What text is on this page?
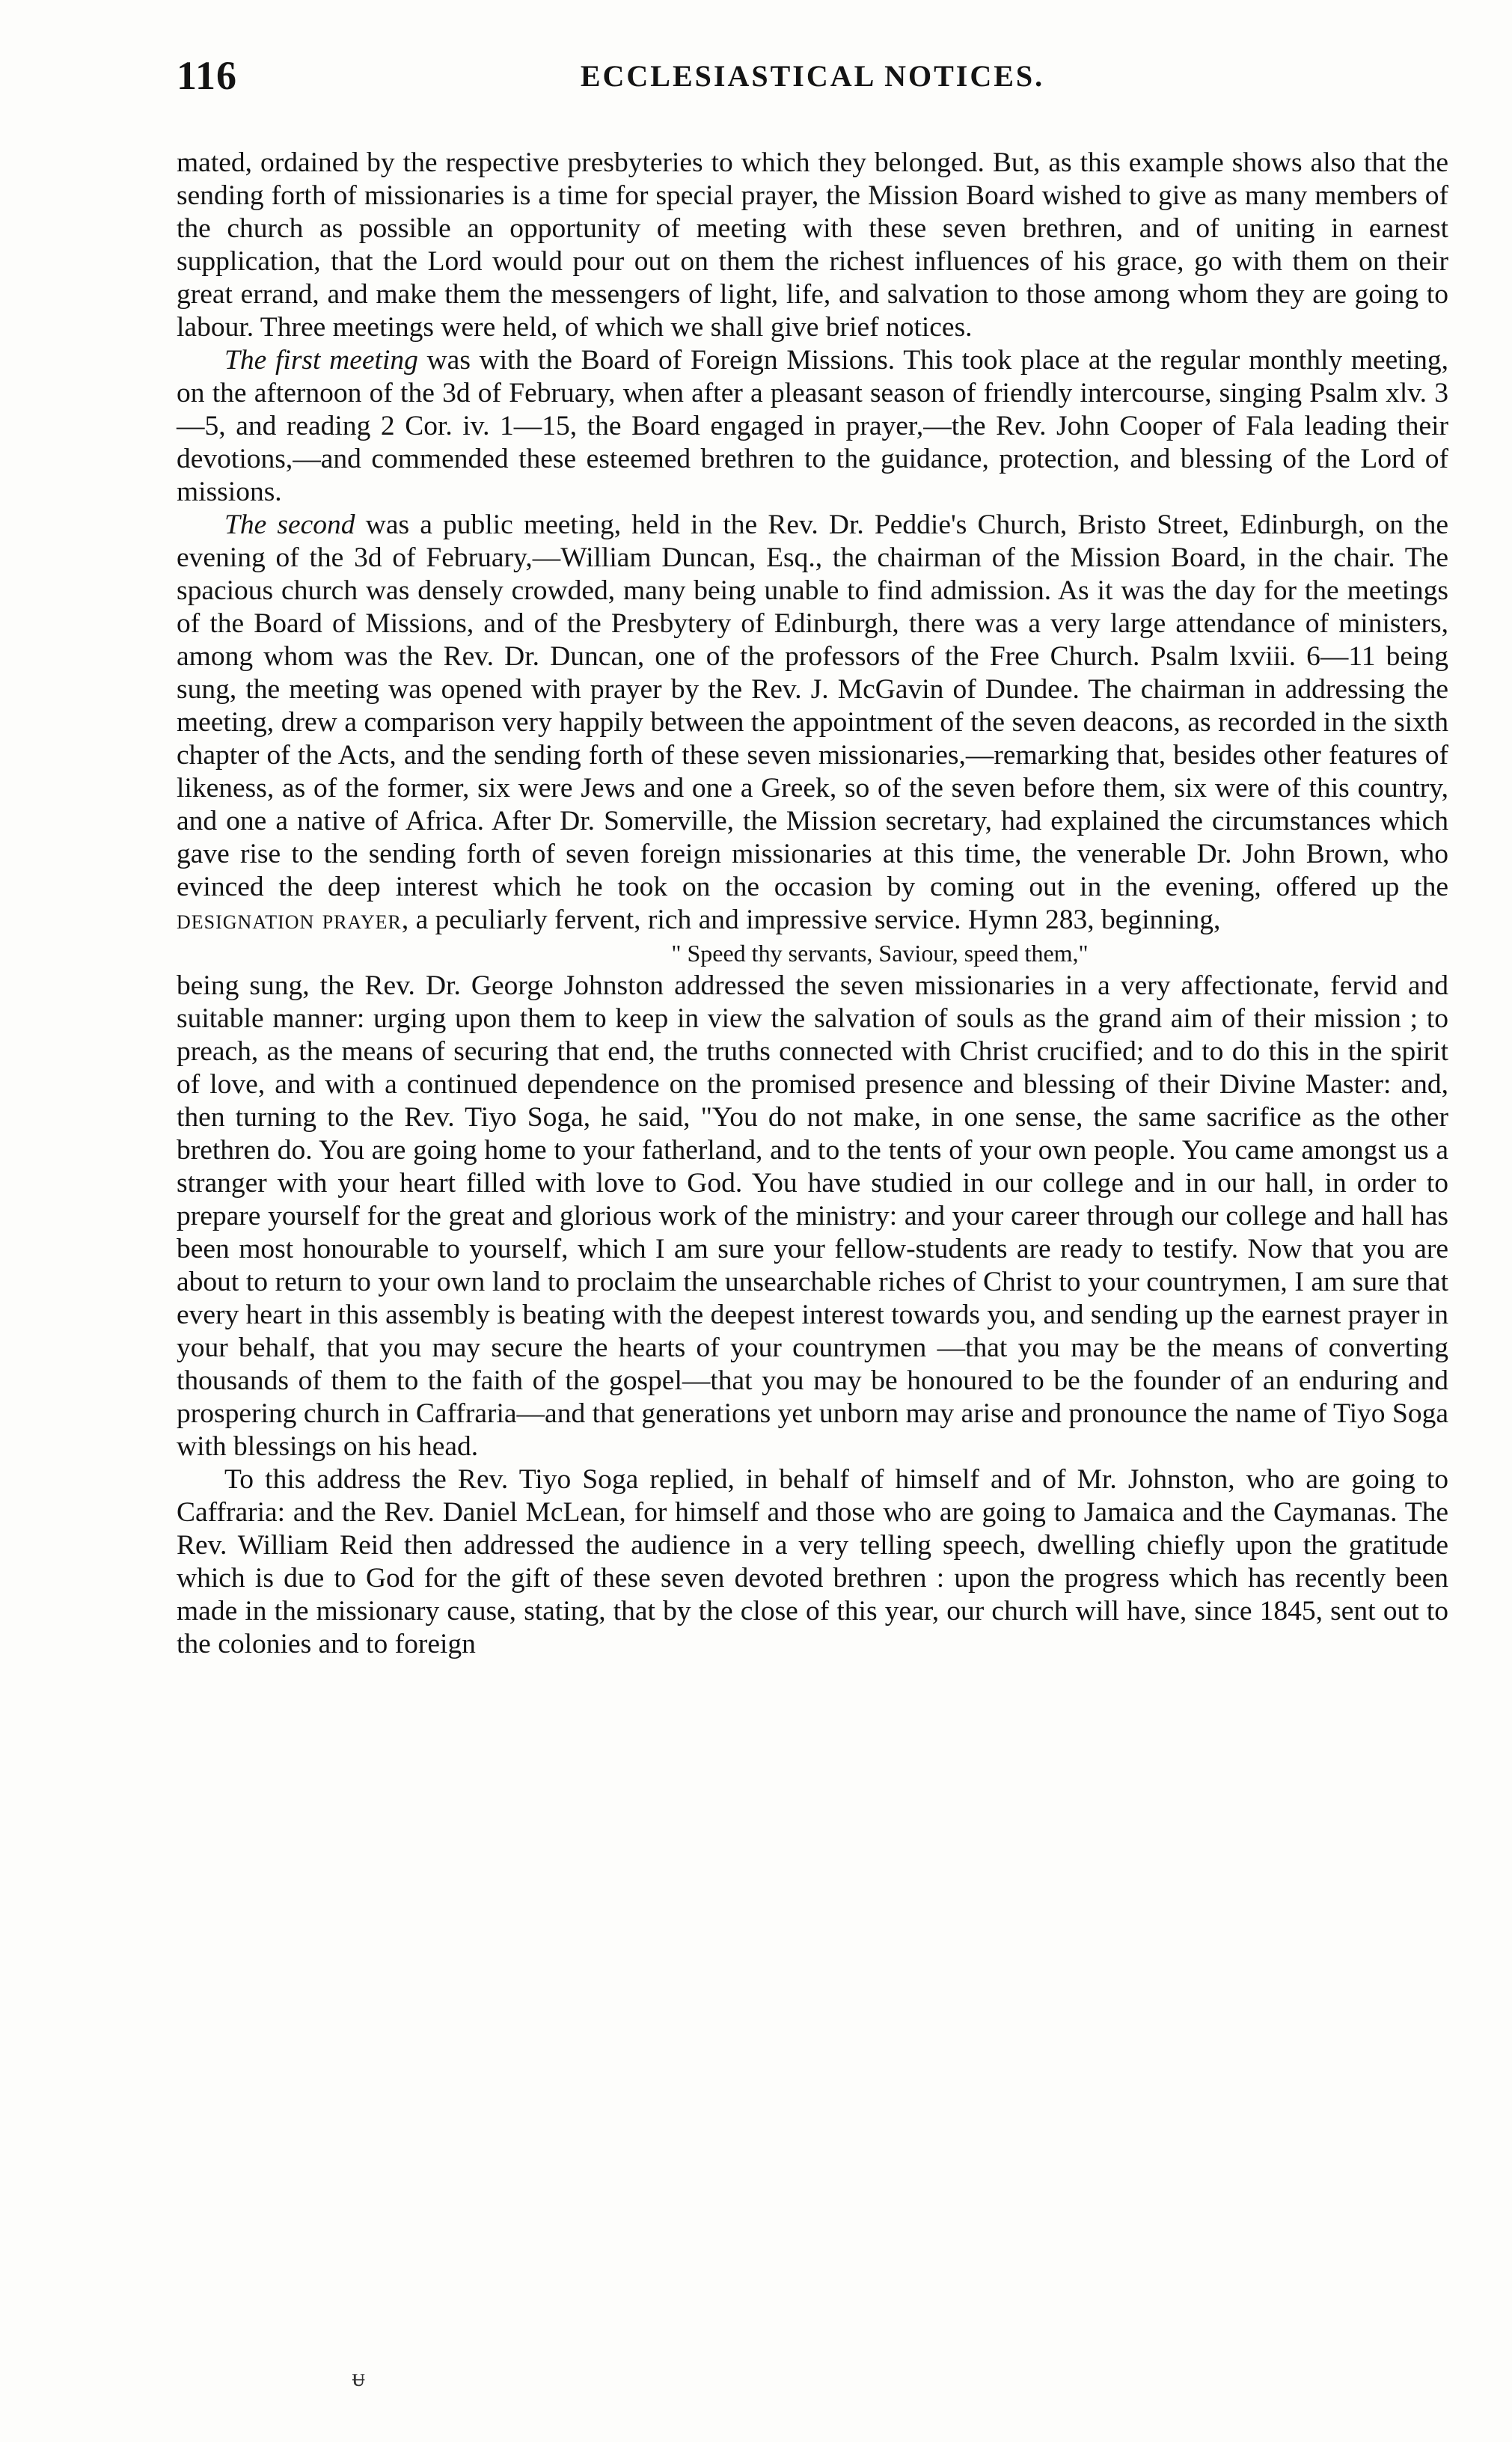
116	ECCLESIASTICAL NOTICES.

mated, ordained by the respective presbyteries to which they belonged. But, as this example shows also that the sending forth of missionaries is a time for special prayer, the Mission Board wished to give as many members of the church as possible an opportunity of meeting with these seven brethren, and of uniting in earnest supplication, that the Lord would pour out on them the richest influences of his grace, go with them on their great errand, and make them the messengers of light, life, and salvation to those among whom they are going to labour. Three meetings were held, of which we shall give brief notices.

The first meeting was with the Board of Foreign Missions. This took place at the regular monthly meeting, on the afternoon of the 3d of February, when after a pleasant season of friendly intercourse, singing Psalm xlv. 3—5, and reading 2 Cor. iv. 1—15, the Board engaged in prayer,—the Rev. John Cooper of Fala leading their devotions,—and commended these esteemed brethren to the guidance, protection, and blessing of the Lord of missions.

The second was a public meeting, held in the Rev. Dr. Peddie's Church, Bristo Street, Edinburgh, on the evening of the 3d of February,—William Duncan, Esq., the chairman of the Mission Board, in the chair. The spacious church was densely crowded, many being unable to find admission. As it was the day for the meetings of the Board of Missions, and of the Presbytery of Edinburgh, there was a very large attendance of ministers, among whom was the Rev. Dr. Duncan, one of the professors of the Free Church. Psalm lxviii. 6—11 being sung, the meeting was opened with prayer by the Rev. J. McGavin of Dundee. The chairman in addressing the meeting, drew a comparison very happily between the appointment of the seven deacons, as recorded in the sixth chapter of the Acts, and the sending forth of these seven missionaries,—remarking that, besides other features of likeness, as of the former, six were Jews and one a Greek, so of the seven before them, six were of this country, and one a native of Africa. After Dr. Somerville, the Mission secretary, had explained the circumstances which gave rise to the sending forth of seven foreign missionaries at this time, the venerable Dr. John Brown, who evinced the deep interest which he took on the occasion by coming out in the evening, offered up the designation prayer, a peculiarly fervent, rich and impressive service. Hymn 283, beginning,

" Speed thy servants, Saviour, speed them,"

being sung, the Rev. Dr. George Johnston addressed the seven missionaries in a very affectionate, fervid and suitable manner: urging upon them to keep in view the salvation of souls as the grand aim of their mission ; to preach, as the means of securing that end, the truths connected with Christ crucified; and to do this in the spirit of love, and with a continued dependence on the promised presence and blessing of their Divine Master: and, then turning to the Rev. Tiyo Soga, he said, "You do not make, in one sense, the same sacrifice as the other brethren do. You are going home to your fatherland, and to the tents of your own people. You came amongst us a stranger with your heart filled with love to God. You have studied in our college and in our hall, in order to prepare yourself for the great and glorious work of the ministry: and your career through our college and hall has been most honourable to yourself, which I am sure your fellow-students are ready to testify. Now that you are about to return to your own land to proclaim the unsearchable riches of Christ to your countrymen, I am sure that every heart in this assembly is beating with the deepest interest towards you, and sending up the earnest prayer in your behalf, that you may secure the hearts of your countrymen —that you may be the means of converting thousands of them to the faith of the gospel—that you may be honoured to be the founder of an enduring and prospering church in Caffraria—and that generations yet unborn may arise and pronounce the name of Tiyo Soga with blessings on his head.

To this address the Rev. Tiyo Soga replied, in behalf of himself and of Mr. Johnston, who are going to Caffraria: and the Rev. Daniel McLean, for himself and those who are going to Jamaica and the Caymanas. The Rev. William Reid then addressed the audience in a very telling speech, dwelling chiefly upon the gratitude which is due to God for the gift of these seven devoted brethren : upon the progress which has recently been made in the missionary cause, stating, that by the close of this year, our church will have, since 1845, sent out to the colonies and to foreign

ᵾ
